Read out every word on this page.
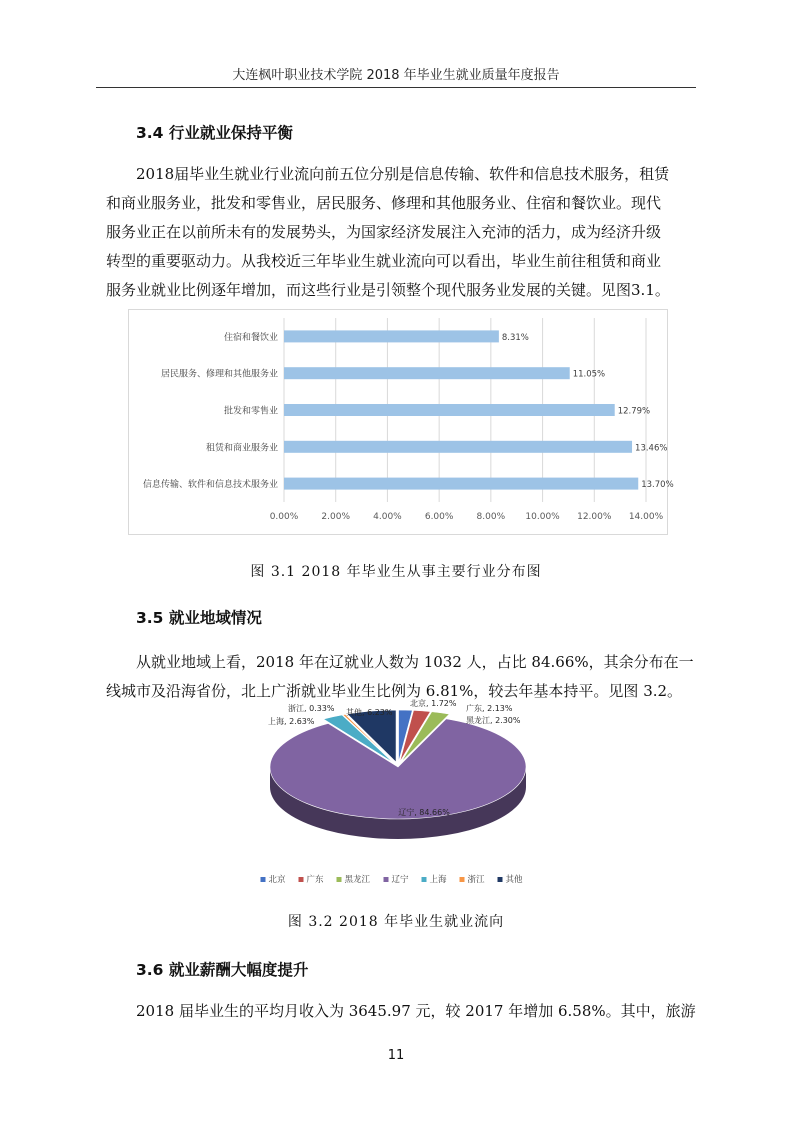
大连枫叶职业技术学院 2018 年毕业生就业质量年度报告
3.4 行业就业保持平衡
2018届毕业生就业行业流向前五位分别是信息传输、软件和信息技术服务，租赁
和商业服务业，批发和零售业，居民服务、修理和其他服务业、住宿和餐饮业。现代
服务业正在以前所未有的发展势头，为国家经济发展注入充沛的活力，成为经济升级
转型的重要驱动力。从我校近三年毕业生就业流向可以看出，毕业生前往租赁和商业
服务业就业比例逐年增加，而这些行业是引领整个现代服务业发展的关键。见图3.1。
0.00%	2.00%	4.00%	6.00%	8.00% 10.00% 12.00% 14.00%
住宿和餐饮业	8.31%
居民服务、修理和其他服务业	11.05%
批发和零售业	12.79%
租赁和商业服务业	13.46%
信息传输、软件和信息技术服务业	13.70%
图 3.1 2018 年毕业生从事主要行业分布图
3.5 就业地域情况
从就业地域上看，2018 年在辽就业人数为 1032 人，占比 84.66%，其余分布在一
线城市及沿海省份，北上广浙就业毕业生比例为 6.81%，较去年基本持平。见图 3.2。
北京, 1.72%
广东, 2.13%
黑龙江, 2.30%
辽宁, 84.66%
上海, 2.63%
浙江, 0.33% 其他, 6.23%
北京 广东 黑龙江	辽宁 上海 浙江 其他
图 3.2 2018 年毕业生就业流向
3.6 就业薪酬大幅度提升
2018 届毕业生的平均月收入为 3645.97 元，较 2017 年增加 6.58%。其中，旅游
11
